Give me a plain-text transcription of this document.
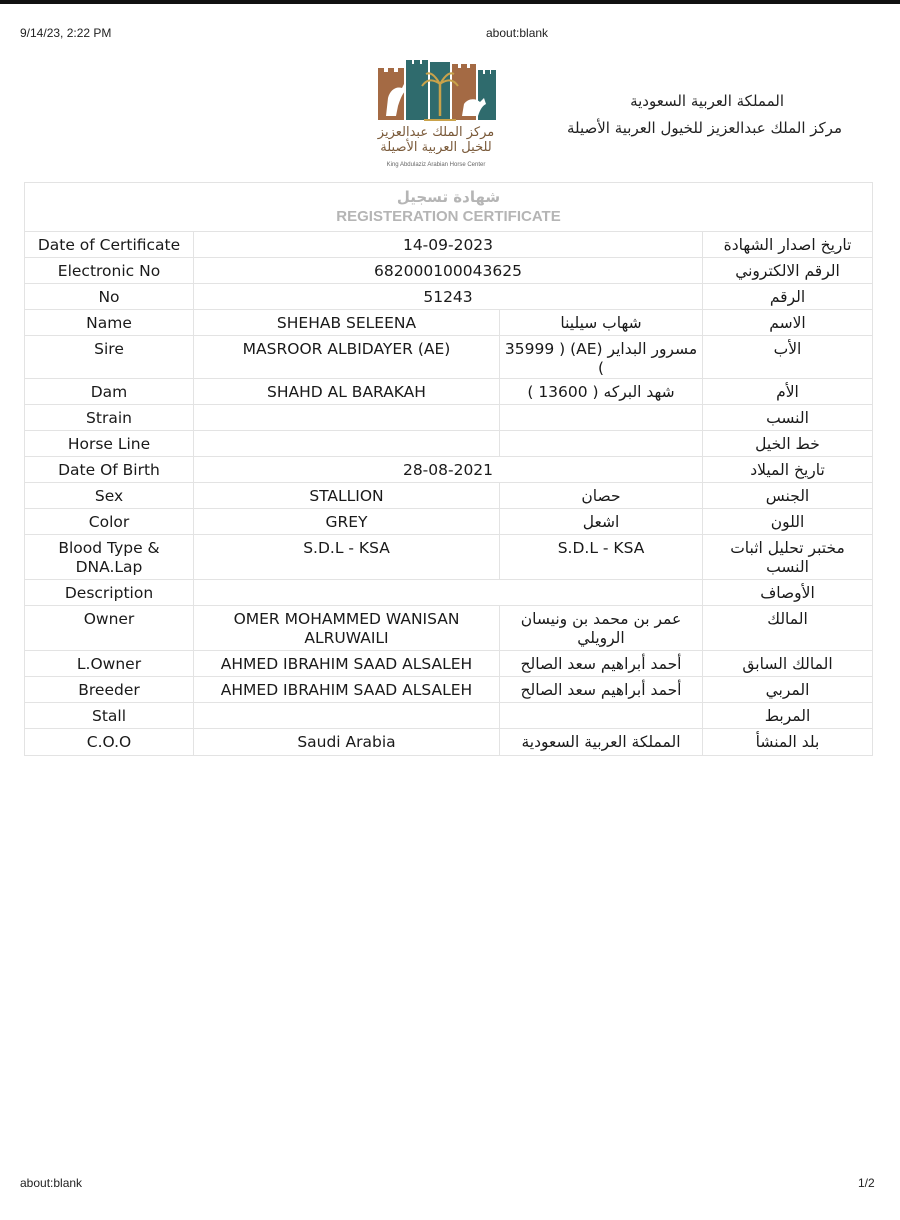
9/14/23, 2:22 PM	about:blank
مركز الملك عبدالعزيز
للخيل العربية الأصيلة
King Abdulaziz Arabian Horse Center
المملكة العربية السعودية
مركز الملك عبدالعزيز للخيول العربية الأصيلة
شهادة تسجيل
REGISTERATION CERTIFICATE			

Date of Certificate	14-09-2023		تاريخ اصدار الشهادة
Electronic No	682000100043625		الرقم الالكتروني
No	51243		الرقم
Name	SHEHAB SELEENA	شهاب سيلينا	الاسم
Sire	MASROOR ALBIDAYER (AE)	مسرور البداير (AE) ( 35999 )	الأب
Dam	SHAHD AL BARAKAH	شهد البركه ( 13600 )	الأم
Strain			النسب
Horse Line			خط الخيل
Date Of Birth	28-08-2021		تاريخ الميلاد
Sex	STALLION	حصان	الجنس
Color	GREY	اشعل	اللون
Blood Type & DNA.Lap	S.D.L - KSA	S.D.L - KSA	مختبر تحليل اثبات النسب
Description			الأوصاف
Owner	OMER MOHAMMED WANISAN ALRUWAILI	عمر بن محمد بن ونيسان الرويلي	المالك
L.Owner	AHMED IBRAHIM SAAD ALSALEH	أحمد أبراهيم سعد الصالح	المالك السابق
Breeder	AHMED IBRAHIM SAAD ALSALEH	أحمد أبراهيم سعد الصالح	المربي
Stall			المربط
C.O.O	Saudi Arabia	المملكة العربية السعودية	بلد المنشأ
about:blank	1/2
